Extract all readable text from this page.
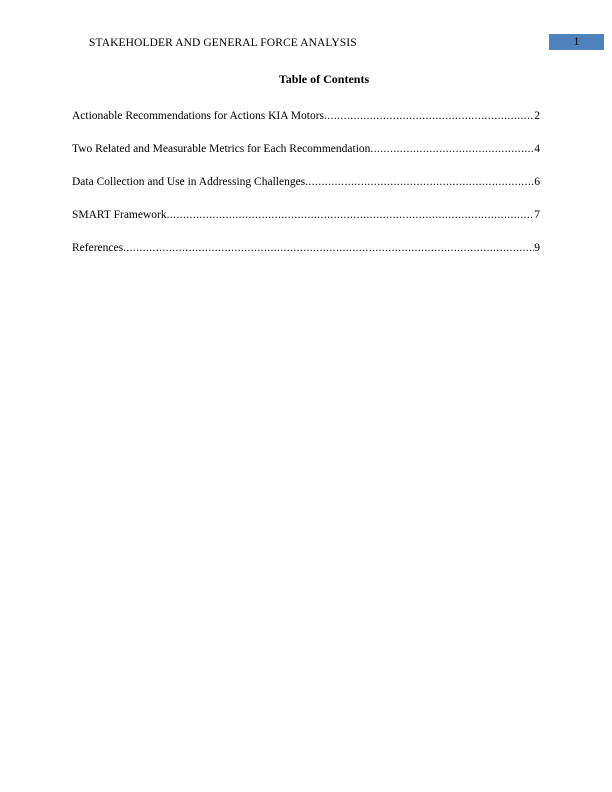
STAKEHOLDER AND GENERAL FORCE ANALYSIS	1
Table of Contents
Actionable Recommendations for Actions KIA Motors .....	2
Two Related and Measurable Metrics for Each Recommendation .....	4
Data Collection and Use in Addressing Challenges .....	6
SMART Framework .....	7
References .....	9
